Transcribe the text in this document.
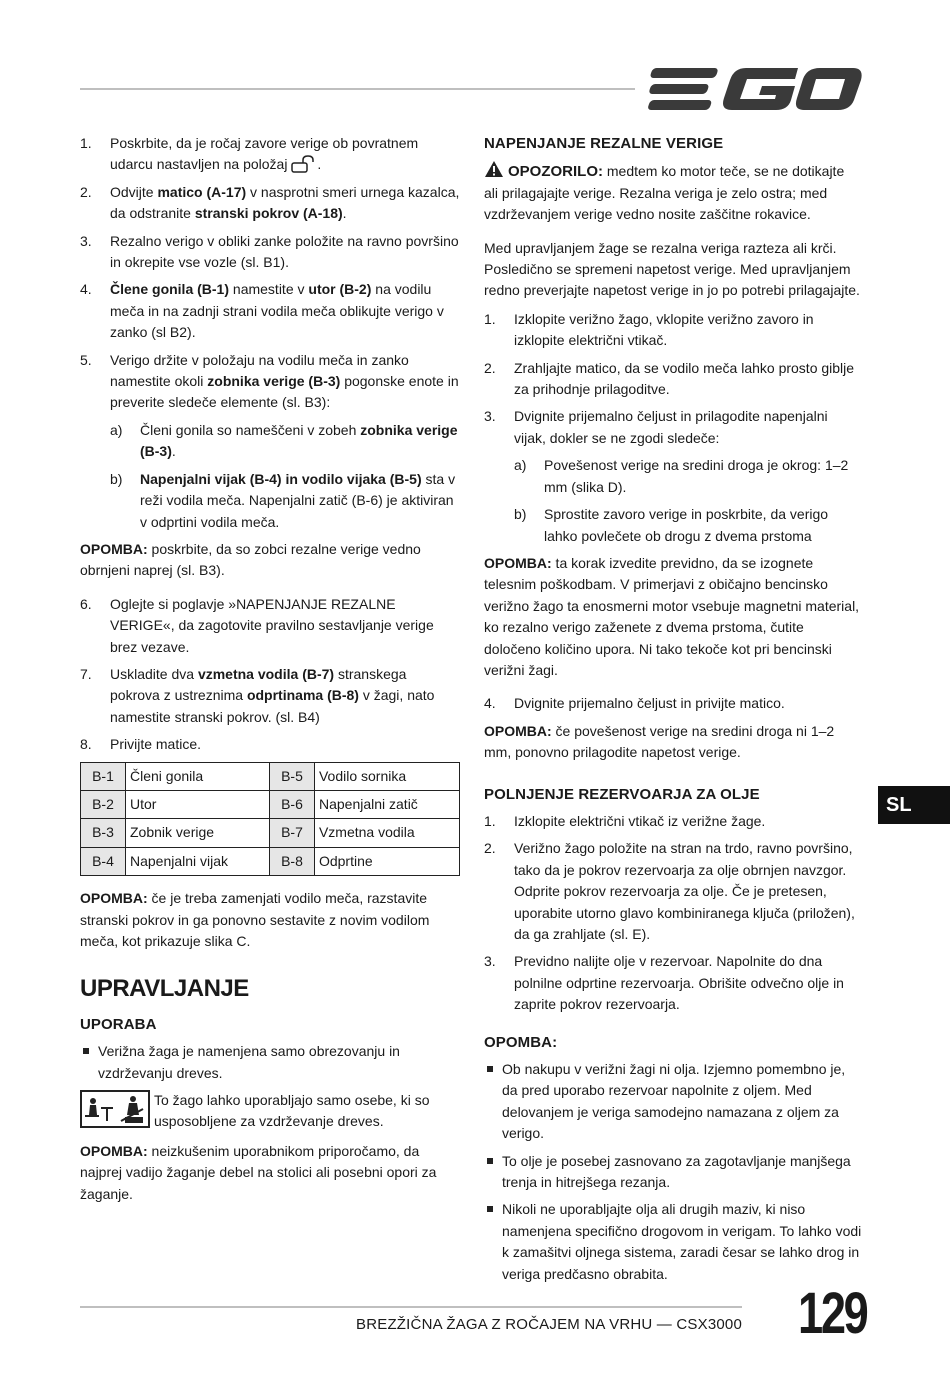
1. Poskrbite, da je ročaj zavore verige ob povratnem udarcu nastavljen na položaj .
2. Odvijte matico (A-17) v nasprotni smeri urnega kazalca, da odstranite stranski pokrov (A-18).
3. Rezalno verigo v obliki zanke položite na ravno površino in okrepite vse vozle (sl. B1).
4. Člene gonila (B-1) namestite v utor (B-2) na vodilu meča in na zadnji strani vodila meča oblikujte verigo v zanko (sl B2).
5. Verigo držite v položaju na vodilu meča in zanko namestite okoli zobnika verige (B-3) pogonske enote in preverite sledeče elemente (sl. B3):
a) Členi gonila so nameščeni v zobeh zobnika verige (B-3).
b) Napenjalni vijak (B-4) in vodilo vijaka (B-5) sta v reži vodila meča. Napenjalni zatič (B-6) je aktiviran v odprtini vodila meča.

OPOMBA: poskrbite, da so zobci rezalne verige vedno obrnjeni naprej (sl. B3).

6. Oglejte si poglavje »NAPENJANJE REZALNE VERIGE«, da zagotovite pravilno sestavljanje verige brez vezave.
7. Uskladite dva vzmetna vodila (B-7) stranskega pokrova z ustreznima odprtinama (B-8) v žagi, nato namestite stranski pokrov. (sl. B4)
8. Privijte matice.
B-1	Členi gonila	B-5	Vodilo sornika
B-2	Utor	B-6	Napenjalni zatič
B-3	Zobnik verige	B-7	Vzmetna vodila
B-4	Napenjalni vijak	B-8	Odprtine

OPOMBA: če je treba zamenjati vodilo meča, razstavite stranski pokrov in ga ponovno sestavite z novim vodilom meča, kot prikazuje slika C.

UPRAVLJANJE
UPORABA
Verižna žaga je namenjena samo obrezovanju in vzdrževanju dreves.
To žago lahko uporabljajo samo osebe, ki so usposobljene za vzdrževanje dreves.

OPOMBA: neizkušenim uporabnikom priporočamo, da najprej vadijo žaganje debel na stolici ali posebni opori za žaganje.

NAPENJANJE REZALNE VERIGE

OPOZORILO: medtem ko motor teče, se ne dotikajte ali prilagajajte verige. Rezalna veriga je zelo ostra; med vzdrževanjem verige vedno nosite zaščitne rokavice.

Med upravljanjem žage se rezalna veriga razteza ali krči. Posledično se spremeni napetost verige. Med upravljanjem redno preverjajte napetost verige in jo po potrebi prilagajajte.

1. Izklopite verižno žago, vklopite verižno zavoro in izklopite električni vtikač.
2. Zrahljajte matico, da se vodilo meča lahko prosto giblje za prihodnje prilagoditve.
3. Dvignite prijemalno čeljust in prilagodite napenjalni vijak, dokler se ne zgodi sledeče:
a) Povešenost verige na sredini droga je okrog: 1–2 mm (slika D).
b) Sprostite zavoro verige in poskrbite, da verigo lahko povlečete ob drogu z dvema prstoma

OPOMBA: ta korak izvedite previdno, da se izognete telesnim poškodbam. V primerjavi z običajno bencinsko verižno žago ta enosmerni motor vsebuje magnetni material, ko rezalno verigo zaženete z dvema prstoma, čutite določeno količino upora. Ni tako tekoče kot pri bencinski verižni žagi.

4. Dvignite prijemalno čeljust in privijte matico.

OPOMBA: če povešenost verige na sredini droga ni 1–2 mm, ponovno prilagodite napetost verige.

POLNJENJE REZERVOARJA ZA OLJE
1. Izklopite električni vtikač iz verižne žage.
2. Verižno žago položite na stran na trdo, ravno površino, tako da je pokrov rezervoarja za olje obrnjen navzgor. Odprite pokrov rezervoarja za olje. Če je pretesen, uporabite utorno glavo kombiniranega ključa (priložen), da ga zrahljate (sl. E).
3. Previdno nalijte olje v rezervoar. Napolnite do dna polnilne odprtine rezervoarja. Obrišite odvečno olje in zaprite pokrov rezervoarja.
OPOMBA:
Ob nakupu v verižni žagi ni olja. Izjemno pomembno je, da pred uporabo rezervoar napolnite z oljem. Med delovanjem je veriga samodejno namazana z oljem za verigo.
To olje je posebej zasnovano za zagotavljanje manjšega trenja in hitrejšega rezanja.
Nikoli ne uporabljajte olja ali drugih maziv, ki niso namenjena specifično drogovom in verigam. To lahko vodi k zamašitvi oljnega sistema, zaradi česar se lahko drog in veriga predčasno obrabita.
SL
BREZŽIČNA ŽAGA Z ROČAJEM NA VRHU — CSX3000 129
